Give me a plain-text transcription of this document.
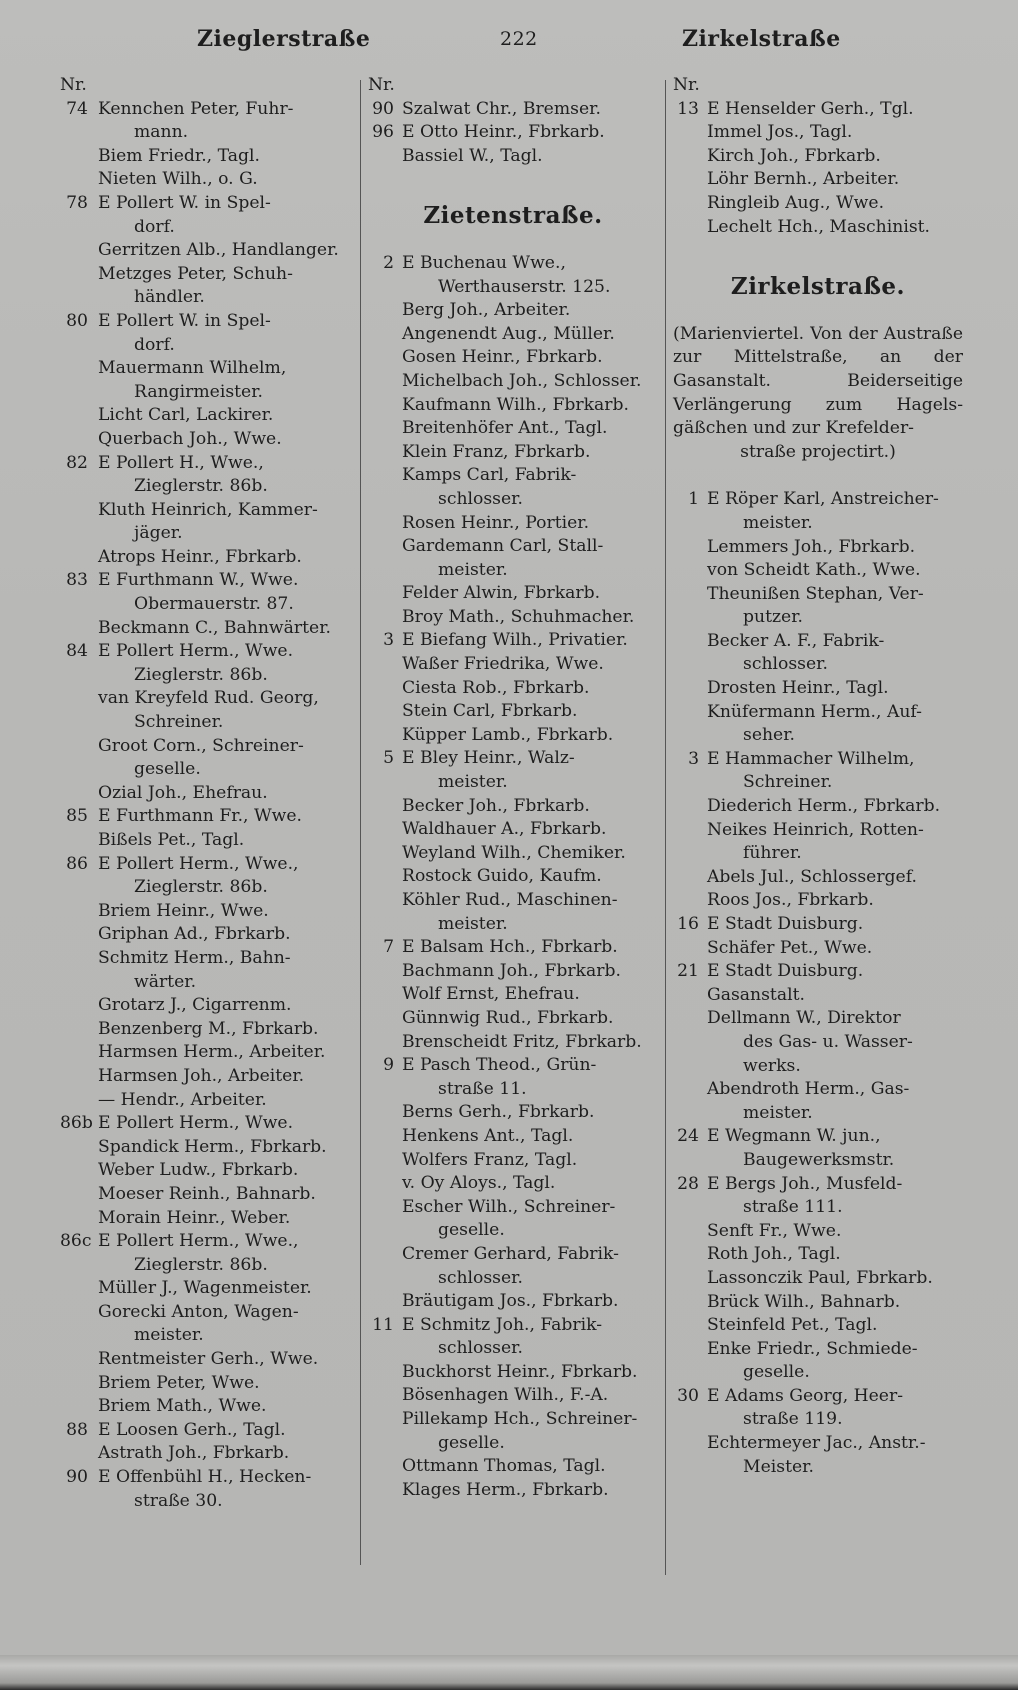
Zieglerstraße	222	Zirkelstraße
Nr.
74 Kennchen Peter, Fuhr-
mann.
Biem Friedr., Tagl.
Nieten Wilh., o. G.
78 E Pollert W. in Spel-
dorf.
Gerritzen Alb., Handlanger.
Metzges Peter, Schuh-
händler.
80 E Pollert W. in Spel-
dorf.
Mauermann Wilhelm,
Rangirmeister.
Licht Carl, Lackirer.
Querbach Joh., Wwe.
82 E Pollert H., Wwe.,
Zieglerstr. 86b.
Kluth Heinrich, Kammer-
jäger.
Atrops Heinr., Fbrkarb.
83 E Furthmann W., Wwe.
Obermauerstr. 87.
Beckmann C., Bahnwärter.
84 E Pollert Herm., Wwe.
Zieglerstr. 86b.
van Kreyfeld Rud. Georg,
Schreiner.
Groot Corn., Schreiner-
geselle.
Ozial Joh., Ehefrau.
85 E Furthmann Fr., Wwe.
Bißels Pet., Tagl.
86 E Pollert Herm., Wwe.,
Zieglerstr. 86b.
Briem Heinr., Wwe.
Griphan Ad., Fbrkarb.
Schmitz Herm., Bahn-
wärter.
Grotarz J., Cigarrenm.
Benzenberg M., Fbrkarb.
Harmsen Herm., Arbeiter.
Harmsen Joh., Arbeiter.
— Hendr., Arbeiter.
86b E Pollert Herm., Wwe.
Spandick Herm., Fbrkarb.
Weber Ludw., Fbrkarb.
Moeser Reinh., Bahnarb.
Morain Heinr., Weber.
86c E Pollert Herm., Wwe.,
Zieglerstr. 86b.
Müller J., Wagenmeister.
Gorecki Anton, Wagen-
meister.
Rentmeister Gerh., Wwe.
Briem Peter, Wwe.
Briem Math., Wwe.
88 E Loosen Gerh., Tagl.
Astrath Joh., Fbrkarb.
90 E Offenbühl H., Hecken-
straße 30.
Nr.
90 Szalwat Chr., Bremser.
96 E Otto Heinr., Fbrkarb.
Bassiel W., Tagl.
Zietenstraße.
2 E Buchenau Wwe.,
Werthauserstr. 125.
Berg Joh., Arbeiter.
Angenendt Aug., Müller.
Gosen Heinr., Fbrkarb.
Michelbach Joh., Schlosser.
Kaufmann Wilh., Fbrkarb.
Breitenhöfer Ant., Tagl.
Klein Franz, Fbrkarb.
Kamps Carl, Fabrik-
schlosser.
Rosen Heinr., Portier.
Gardemann Carl, Stall-
meister.
Felder Alwin, Fbrkarb.
Broy Math., Schuhmacher.
3 E Biefang Wilh., Privatier.
Waßer Friedrika, Wwe.
Ciesta Rob., Fbrkarb.
Stein Carl, Fbrkarb.
Küpper Lamb., Fbrkarb.
5 E Bley Heinr., Walz-
meister.
Becker Joh., Fbrkarb.
Waldhauer A., Fbrkarb.
Weyland Wilh., Chemiker.
Rostock Guido, Kaufm.
Köhler Rud., Maschinen-
meister.
7 E Balsam Hch., Fbrkarb.
Bachmann Joh., Fbrkarb.
Wolf Ernst, Ehefrau.
Günnwig Rud., Fbrkarb.
Brenscheidt Fritz, Fbrkarb.
9 E Pasch Theod., Grün-
straße 11.
Berns Gerh., Fbrkarb.
Henkens Ant., Tagl.
Wolfers Franz, Tagl.
v. Oy Aloys., Tagl.
Escher Wilh., Schreiner-
geselle.
Cremer Gerhard, Fabrik-
schlosser.
Bräutigam Jos., Fbrkarb.
11 E Schmitz Joh., Fabrik-
schlosser.
Buckhorst Heinr., Fbrkarb.
Bösenhagen Wilh., F.-A.
Pillekamp Hch., Schreiner-
geselle.
Ottmann Thomas, Tagl.
Klages Herm., Fbrkarb.
Nr.
13 E Henselder Gerh., Tgl.
Immel Jos., Tagl.
Kirch Joh., Fbrkarb.
Löhr Bernh., Arbeiter.
Ringleib Aug., Wwe.
Lechelt Hch., Maschinist.
Zirkelstraße.
(Marienviertel. Von der Austraße zur Mittelstraße, an der Gasanstalt. Beiderseitige Verlängerung zum Hagels-gäßchen und zur Krefelder-
straße projectirt.)
1 E Röper Karl, Anstreicher-
meister.
Lemmers Joh., Fbrkarb.
von Scheidt Kath., Wwe.
Theunißen Stephan, Ver-
putzer.
Becker A. F., Fabrik-
schlosser.
Drosten Heinr., Tagl.
Knüfermann Herm., Auf-
seher.
3 E Hammacher Wilhelm,
Schreiner.
Diederich Herm., Fbrkarb.
Neikes Heinrich, Rotten-
führer.
Abels Jul., Schlossergef.
Roos Jos., Fbrkarb.
16 E Stadt Duisburg.
Schäfer Pet., Wwe.
21 E Stadt Duisburg.
Gasanstalt.
Dellmann W., Direktor
des Gas- u. Wasser-
werks.
Abendroth Herm., Gas-
meister.
24 E Wegmann W. jun.,
Baugewerksmstr.
28 E Bergs Joh., Musfeld-
straße 111.
Senft Fr., Wwe.
Roth Joh., Tagl.
Lassonczik Paul, Fbrkarb.
Brück Wilh., Bahnarb.
Steinfeld Pet., Tagl.
Enke Friedr., Schmiede-
geselle.
30 E Adams Georg, Heer-
straße 119.
Echtermeyer Jac., Anstr.-
Meister.
